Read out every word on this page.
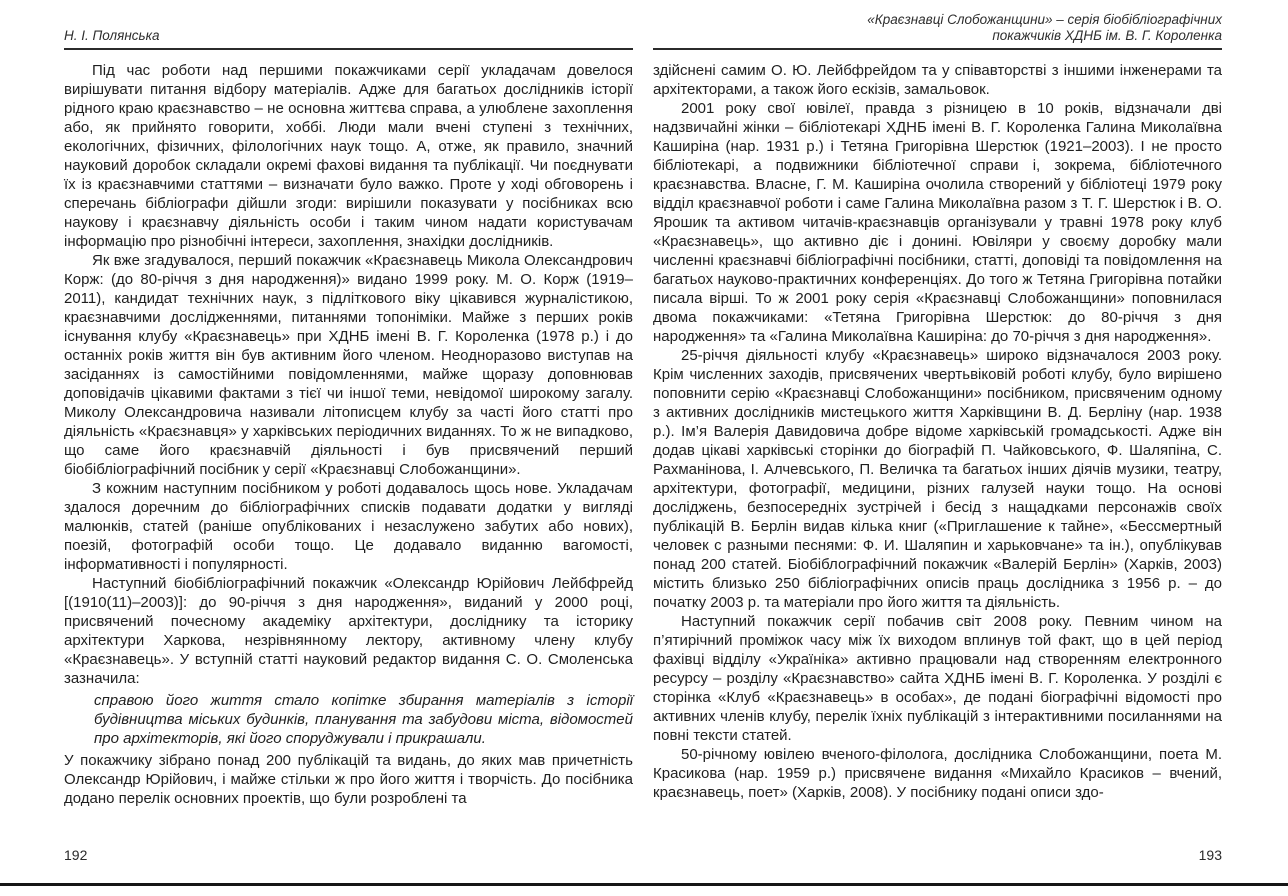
Н. І. Полянська

Під час роботи над першими покажчиками серії укладачам довелося вирішувати питання відбору матеріалів. Адже для багатьох дослідників історії рідного краю краєзнавство – не основна життєва справа, а улюблене захоплення або, як прийнято говорити, хоббі. Люди мали вчені ступені з технічних, екологічних, фізичних, філологічних наук тощо. А, отже, як правило, значний науковий доробок складали окремі фахові видання та публікації. Чи поєднувати їх із краєзнавчими статтями – визначати було важко. Проте у ході обговорень і сперечань бібліографи дійшли згоди: вирішили показувати у посібниках всю наукову і краєзнавчу діяльність особи і таким чином надати користувачам інформацію про різнобічні інтереси, захоплення, знахідки дослідників.

Як вже згадувалося, перший покажчик «Краєзнавець Микола Олександрович Корж: (до 80-річчя з дня народження)» видано 1999 року. М. О. Корж (1919–2011), кандидат технічних наук, з підліткового віку цікавився журналістикою, краєзнавчими дослідженнями, питаннями топоніміки. Майже з перших років існування клубу «Краєзнавець» при ХДНБ імені В. Г. Короленка (1978 р.) і до останніх років життя він був активним його членом. Неодноразово виступав на засіданнях із самостійними повідомленнями, майже щоразу доповнював доповідачів цікавими фактами з тієї чи іншої теми, невідомої широкому загалу. Миколу Олександровича називали літописцем клубу за часті його статті про діяльність «Краєзнавця» у харківських періодичних виданнях. То ж не випадково, що саме його краєзнавчій діяльності і був присвячений перший біобібліографічний посібник у серії «Краєзнавці Слобожанщини».

З кожним наступним посібником у роботі додавалось щось нове. Укладачам здалося доречним до бібліографічних списків подавати додатки у вигляді малюнків, статей (раніше опублікованих і незаслужено забутих або нових), поезій, фотографій особи тощо. Це додавало виданню вагомості, інформативності і популярності.

Наступний біобібліографічний покажчик «Олександр Юрійович Лейбфрейд [(1910(11)–2003)]: до 90-річчя з дня народження», виданий у 2000 році, присвячений почесному академіку архітектури, досліднику та історику архітектури Харкова, незрівнянному лектору, активному члену клубу «Краєзнавець». У вступній статті науковий редактор видання С. О. Смоленська зазначила:

справою його життя стало копітке збирання матеріалів з історії будівництва міських будинків, планування та забудови міста, відомостей про архітекторів, які його споруджували і прикрашали.

У покажчику зібрано понад 200 публікацій та видань, до яких мав причетність Олександр Юрійович, і майже стільки ж про його життя і творчість. До посібника додано перелік основних проектів, що були розроблені та

192
«Краєзнавці Слобожанщини» – серія біобібліографічних
покажчиків ХДНБ ім. В. Г. Короленка

здійснені самим О. Ю. Лейбфрейдом та у співавторстві з іншими інженерами та архітекторами, а також його ескізів, замальовок.

2001 року свої ювілеї, правда з різницею в 10 років, відзначали дві надзвичайні жінки – бібліотекарі ХДНБ імені В. Г. Короленка Галина Миколаївна Каширіна (нар. 1931 р.) і Тетяна Григорівна Шерстюк (1921–2003). І не просто бібліотекарі, а подвижники бібліотечної справи і, зокрема, бібліотечного краєзнавства. Власне, Г. М. Каширіна очолила створений у бібліотеці 1979 року відділ краєзнавчої роботи і саме Галина Миколаївна разом з Т. Г. Шерстюк і В. О. Ярошик та активом читачів-краєзнавців організували у травні 1978 року клуб «Краєзнавець», що активно діє і донині. Ювіляри у своєму доробку мали численні краєзнавчі бібліографічні посібники, статті, доповіді та повідомлення на багатьох науково-практичних конференціях. До того ж Тетяна Григорівна потайки писала вірші. То ж 2001 року серія «Краєзнавці Слобожанщини» поповнилася двома покажчиками: «Тетяна Григорівна Шерстюк: до 80-річчя з дня народження» та «Галина Миколаївна Каширіна: до 70-річчя з дня народження».

25-річчя діяльності клубу «Краєзнавець» широко відзначалося 2003 року. Крім численних заходів, присвячених чвертьвіковій роботі клубу, було вирішено поповнити серію «Краєзнавці Слобожанщини» посібником, присвяченим одному з активних дослідників мистецького життя Харківщини В. Д. Берліну (нар. 1938 р.). Ім’я Валерія Давидовича добре відоме харківській громадськості. Адже він додав цікаві харківські сторінки до біографій П. Чайковського, Ф. Шаляпіна, С. Рахманінова, І. Алчевського, П. Величка та багатьох інших діячів музики, театру, архітектури, фотографії, медицини, різних галузей науки тощо. На основі досліджень, безпосередніх зустрічей і бесід з нащадками персонажів своїх публікацій В. Берлін видав кілька книг («Приглашение к тайне», «Бессмертный человек с разными песнями: Ф. И. Шаляпин и харьковчане» та ін.), опублікував понад 200 статей. Біобіблографічний покажчик «Валерій Берлін» (Харків, 2003) містить близько 250 бібліографічних описів праць дослідника з 1956 р. – до початку 2003 р. та матеріали про його життя та діяльність.

Наступний покажчик серії побачив світ 2008 року. Певним чином на п’ятирічний проміжок часу між їх виходом вплинув той факт, що в цей період фахівці відділу «Україніка» активно працювали над створенням електронного ресурсу – розділу «Краєзнавство» сайта ХДНБ імені В. Г. Короленка. У розділі є сторінка «Клуб «Краєзнавець» в особах», де подані біографічні відомості про активних членів клубу, перелік їхніх публікацій з інтерактивними посиланнями на повні тексти статей.

50-річному ювілею вченого-філолога, дослідника Слобожанщини, поета М. Красикова (нар. 1959 р.) присвячене видання «Михайло Красиков – вчений, краєзнавець, поет» (Харків, 2008). У посібнику подані описи здо-

193
